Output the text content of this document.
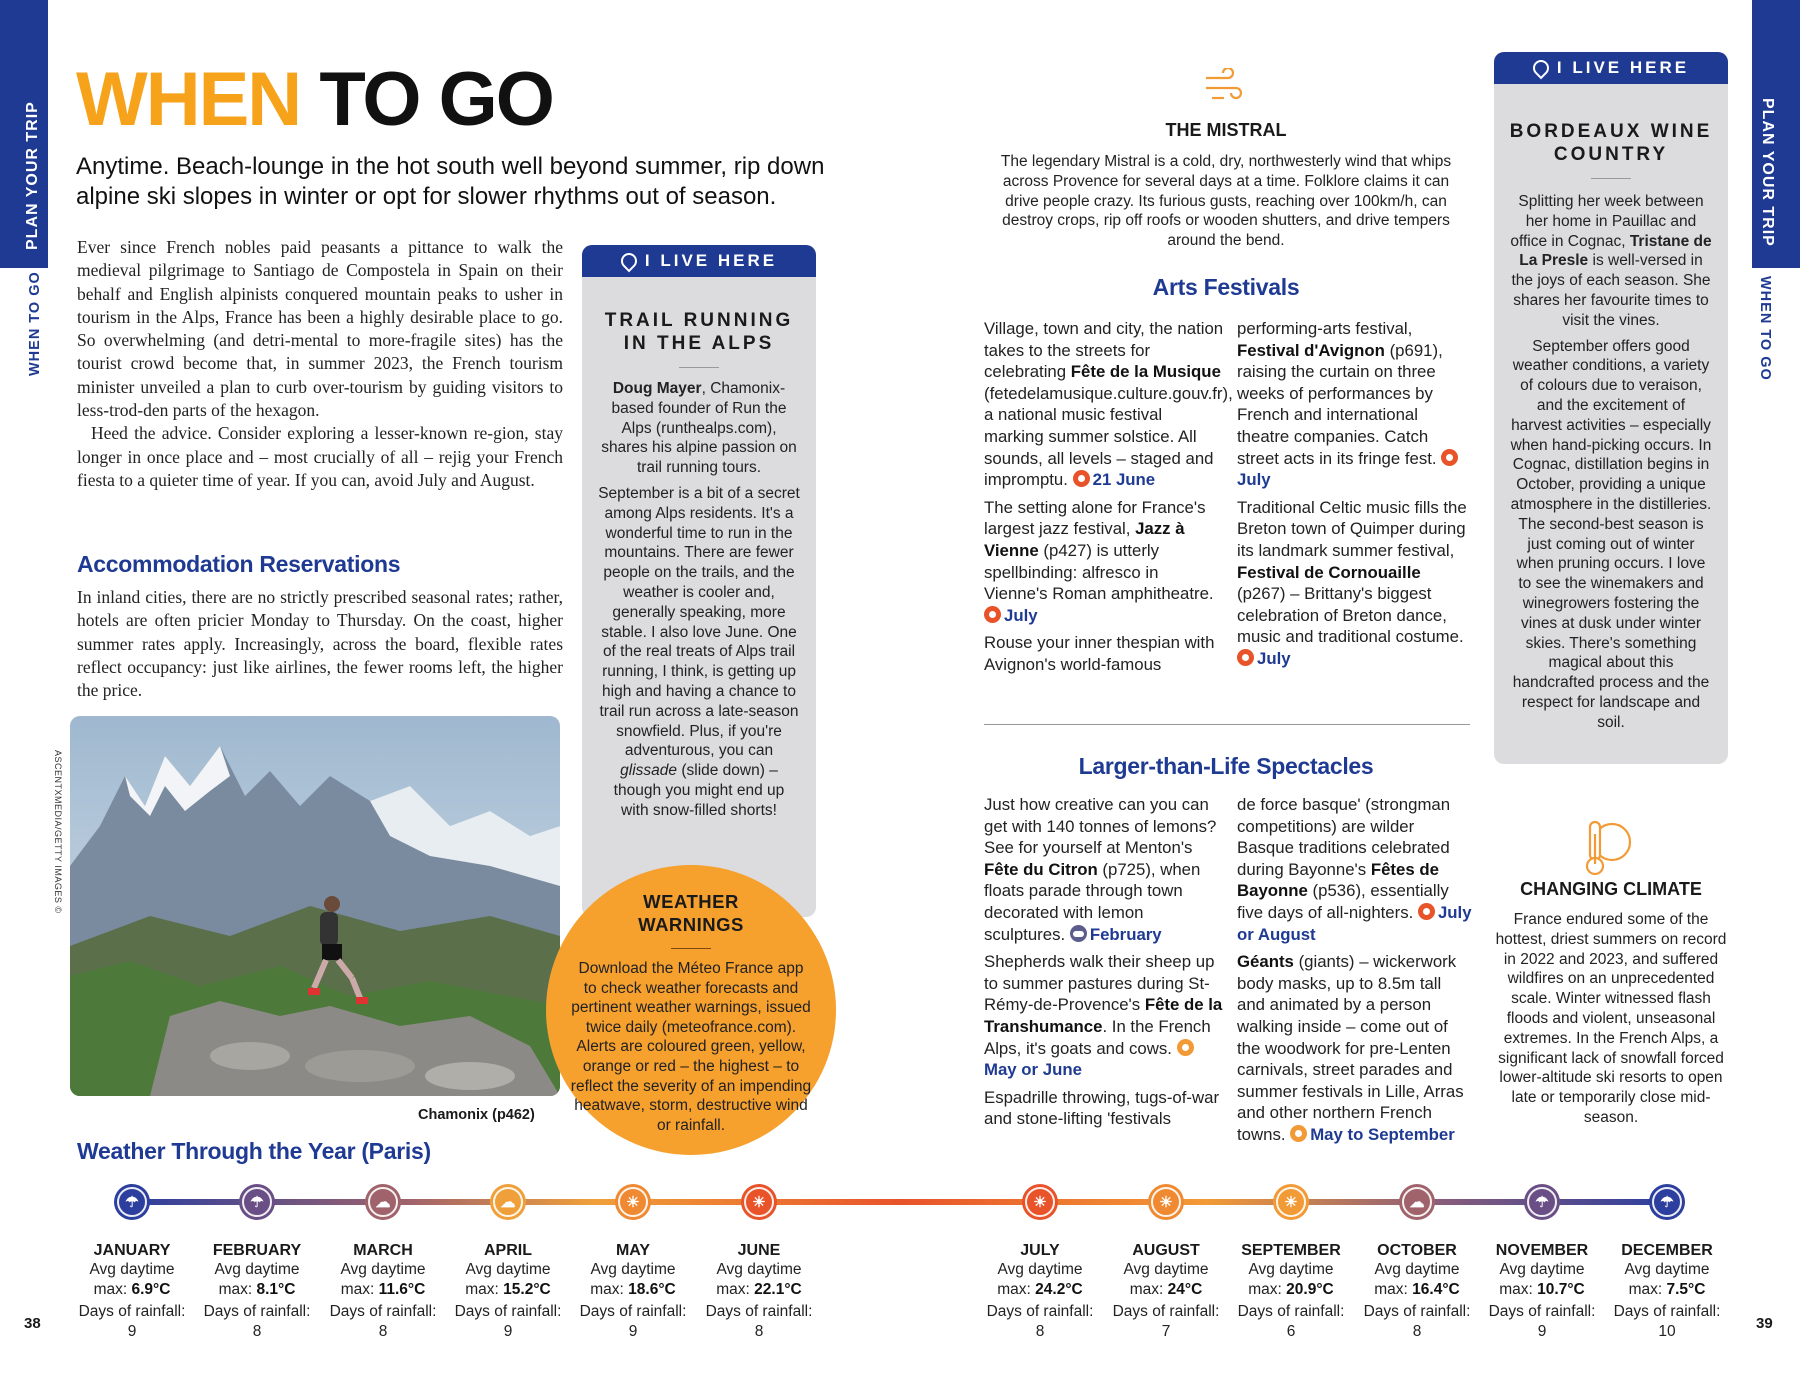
PLAN YOUR TRIP
WHEN TO GO
PLAN YOUR TRIP
WHEN TO GO
WHEN TO GO
Anytime. Beach-lounge in the hot south well beyond summer, rip down alpine ski slopes in winter or opt for slower rhythms out of season.

Ever since French nobles paid peasants a pittance to walk the medieval pilgrimage to Santiago de Compostela in Spain on their behalf and English alpinists conquered mountain peaks to usher in tourism in the Alps, France has been a highly desirable place to go. So overwhelming (and detri-mental to more-fragile sites) has the tourist crowd become that, in summer 2023, the French tourism minister unveiled a plan to curb over-tourism by guiding visitors to less-trod-den parts of the hexagon.

Heed the advice. Consider exploring a lesser-known re-gion, stay longer in once place and – most crucially of all – rejig your French fiesta to a quieter time of year. If you can, avoid July and August.

Accommodation Reservations
In inland cities, there are no strictly prescribed seasonal rates; rather, hotels are often pricier Monday to Thursday. On the coast, higher summer rates apply. Increasingly, across the board, flexible rates reflect occupancy: just like airlines, the fewer rooms left, the higher the price.
ASCENTXMEDIA/GETTY IMAGES ©
Chamonix (p462)
I LIVE HERE
TRAIL RUNNING
IN THE ALPS

Doug Mayer, Chamonix-based founder of Run the Alps (runthealps.com), shares his alpine passion on trail running tours.

September is a bit of a secret among Alps residents. It's a wonderful time to run in the mountains. There are fewer people on the trails, and the weather is cooler and, generally speaking, more stable. I also love June. One of the real treats of Alps trail running, I think, is getting up high and having a chance to trail run across a late-season snowfield. Plus, if you're adventurous, you can glissade (slide down) – though you might end up with snow-filled shorts!

WEATHER
WARNINGS
Download the Méteo France app to check weather forecasts and pertinent weather warnings, issued twice daily (meteofrance.com). Alerts are coloured green, yellow, orange or red – the highest – to reflect the severity of an impending heatwave, storm, destructive wind or rainfall.
THE MISTRAL
The legendary Mistral is a cold, dry, northwesterly wind that whips across Provence for several days at a time. Folklore claims it can drive people crazy. Its furious gusts, reaching over 100km/h, can destroy crops, rip off roofs or wooden shutters, and drive tempers around the bend.
Arts Festivals

Village, town and city, the nation takes to the streets for celebrating Fête de la Musique (fetedelamusique.culture.gouv.fr), a national music festival marking summer solstice. All sounds, all levels – staged and impromptu. 21 June

The setting alone for France's largest jazz festival, Jazz à Vienne (p427) is utterly spellbinding: alfresco in Vienne's Roman amphitheatre. July

Rouse your inner thespian with Avignon's world-famous

performing-arts festival, Festival d'Avignon (p691), raising the curtain on three weeks of performances by French and international theatre companies. Catch street acts in its fringe fest. July

Traditional Celtic music fills the Breton town of Quimper during its landmark summer festival, Festival de Cornouaille (p267) – Brittany's biggest celebration of Breton dance, music and traditional costume. July

Larger-than-Life Spectacles

Just how creative can you can get with 140 tonnes of lemons? See for yourself at Menton's Fête du Citron (p725), when floats parade through town decorated with lemon sculptures. February

Shepherds walk their sheep up to summer pastures during St-Rémy-de-Provence's Fête de la Transhumance. In the French Alps, it's goats and cows. May or June

Espadrille throwing, tugs-of-war and stone-lifting 'festivals

de force basque' (strongman competitions) are wilder Basque traditions celebrated during Bayonne's Fêtes de Bayonne (p536), essentially five days of all-nighters. July or August

Géants (giants) – wickerwork body masks, up to 8.5m tall and animated by a person walking inside – come out of the woodwork for pre-Lenten carnivals, street parades and summer festivals in Lille, Arras and other northern French towns. May to September

I LIVE HERE
BORDEAUX WINE
COUNTRY

Splitting her week between her home in Pauillac and office in Cognac, Tristane de La Presle is well-versed in the joys of each season. She shares her favourite times to visit the vines.

September offers good weather conditions, a variety of colours due to veraison, and the excitement of harvest activities – especially when hand-picking occurs. In Cognac, distillation begins in October, providing a unique atmosphere in the distilleries. The second-best season is just coming out of winter when pruning occurs. I love to see the winemakers and winegrowers fostering the vines at dusk under winter skies. There's something magical about this handcrafted process and the respect for landscape and soil.

CHANGING CLIMATE
France endured some of the hottest, driest summers on record in 2022 and 2023, and suffered wildfires on an unprecedented scale. Winter witnessed flash floods and violent, unseasonal extremes. In the French Alps, a significant lack of snowfall forced lower-altitude ski resorts to open late or temporarily close mid-season.
Weather Through the Year (Paris)
☂
JANUARY
Avg daytime
max: 6.9°C
Days of rainfall:
9
☂
FEBRUARY
Avg daytime
max: 8.1°C
Days of rainfall:
8
☁
MARCH
Avg daytime
max: 11.6°C
Days of rainfall:
8
☁
APRIL
Avg daytime
max: 15.2°C
Days of rainfall:
9
☀
MAY
Avg daytime
max: 18.6°C
Days of rainfall:
9
☀
JUNE
Avg daytime
max: 22.1°C
Days of rainfall:
8
☀
JULY
Avg daytime
max: 24.2°C
Days of rainfall:
8
☀
AUGUST
Avg daytime
max: 24°C
Days of rainfall:
7
☀
SEPTEMBER
Avg daytime
max: 20.9°C
Days of rainfall:
6
☁
OCTOBER
Avg daytime
max: 16.4°C
Days of rainfall:
8
☂
NOVEMBER
Avg daytime
max: 10.7°C
Days of rainfall:
9
☂
DECEMBER
Avg daytime
max: 7.5°C
Days of rainfall:
10
38	39
